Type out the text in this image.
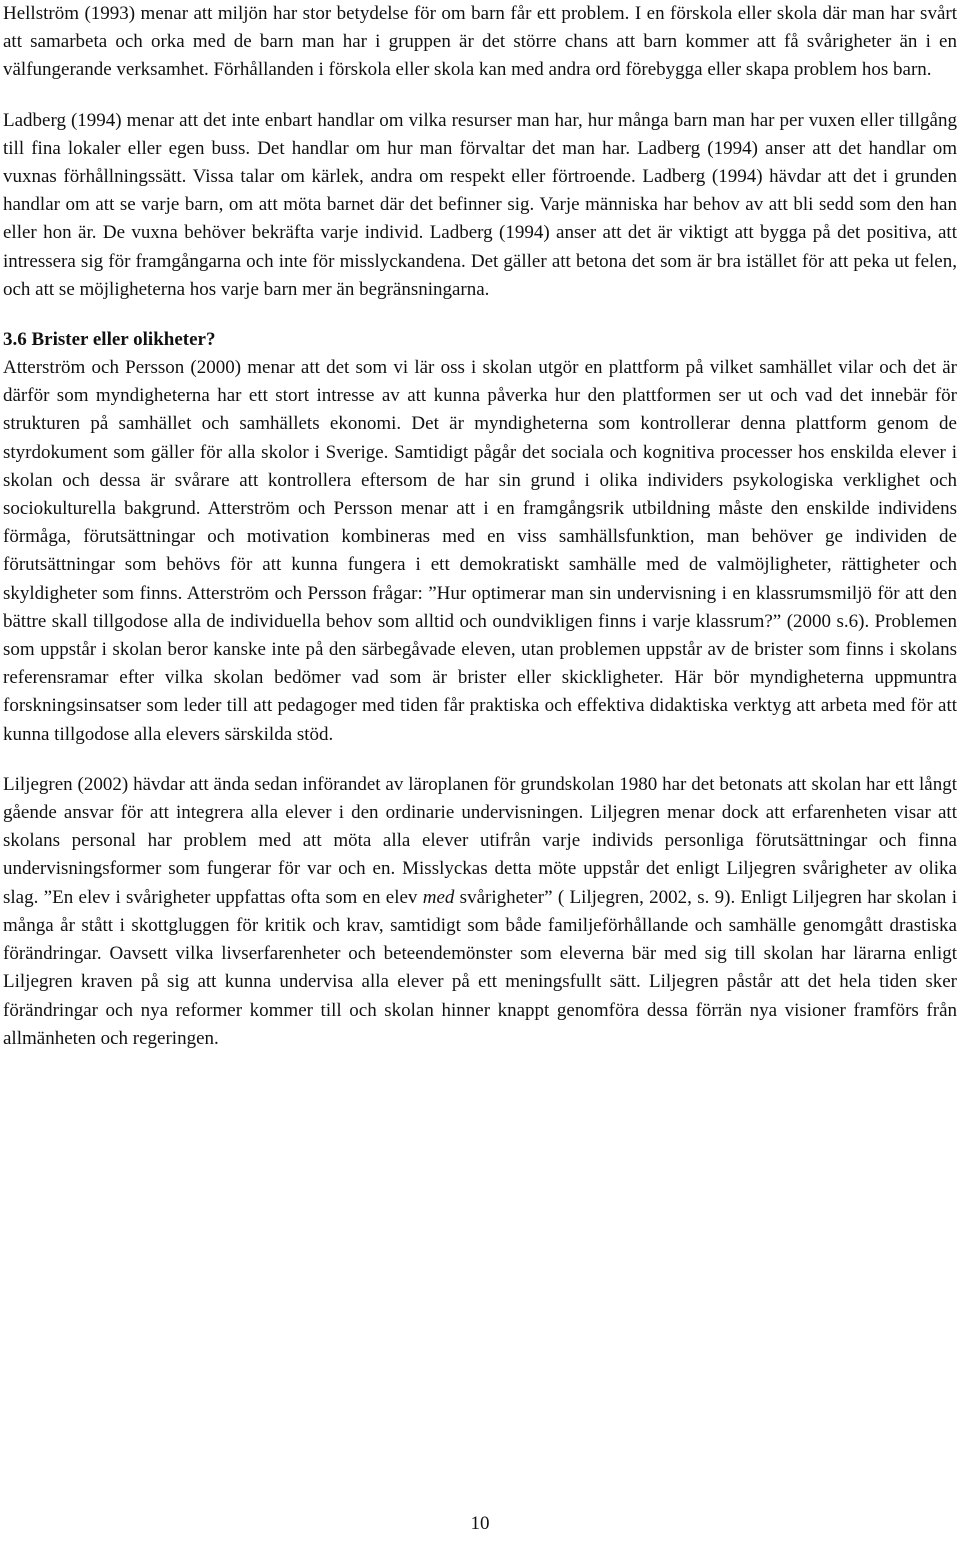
Hellström (1993) menar att miljön har stor betydelse för om barn får ett problem. I en förskola eller skola där man har svårt att samarbeta och orka med de barn man har i gruppen är det större chans att barn kommer att få svårigheter än i en välfungerande verksamhet. Förhållanden i förskola eller skola kan med andra ord förebygga eller skapa problem hos barn.

Ladberg (1994) menar att det inte enbart handlar om vilka resurser man har, hur många barn man har per vuxen eller tillgång till fina lokaler eller egen buss. Det handlar om hur man förvaltar det man har. Ladberg (1994) anser att det handlar om vuxnas förhållningssätt. Vissa talar om kärlek, andra om respekt eller förtroende. Ladberg (1994) hävdar att det i grunden handlar om att se varje barn, om att möta barnet där det befinner sig. Varje människa har behov av att bli sedd som den han eller hon är. De vuxna behöver bekräfta varje individ. Ladberg (1994) anser att det är viktigt att bygga på det positiva, att intressera sig för framgångarna och inte för misslyckandena. Det gäller att betona det som är bra istället för att peka ut felen, och att se möjligheterna hos varje barn mer än begränsningarna.

3.6 Brister eller olikheter?

Atterström och Persson (2000) menar att det som vi lär oss i skolan utgör en plattform på vilket samhället vilar och det är därför som myndigheterna har ett stort intresse av att kunna påverka hur den plattformen ser ut och vad det innebär för strukturen på samhället och samhällets ekonomi. Det är myndigheterna som kontrollerar denna plattform genom de styrdokument som gäller för alla skolor i Sverige. Samtidigt pågår det sociala och kognitiva processer hos enskilda elever i skolan och dessa är svårare att kontrollera eftersom de har sin grund i olika individers psykologiska verklighet och sociokulturella bakgrund. Atterström och Persson menar att i en framgångsrik utbildning måste den enskilde individens förmåga, förutsättningar och motivation kombineras med en viss samhällsfunktion, man behöver ge individen de förutsättningar som behövs för att kunna fungera i ett demokratiskt samhälle med de valmöjligheter, rättigheter och skyldigheter som finns. Atterström och Persson frågar: ”Hur optimerar man sin undervisning i en klassrumsmiljö för att den bättre skall tillgodose alla de individuella behov som alltid och oundvikligen finns i varje klassrum?” (2000 s.6). Problemen som uppstår i skolan beror kanske inte på den särbegåvade eleven, utan problemen uppstår av de brister som finns i skolans referensramar efter vilka skolan bedömer vad som är brister eller skickligheter. Här bör myndigheterna uppmuntra forskningsinsatser som leder till att pedagoger med tiden får praktiska och effektiva didaktiska verktyg att arbeta med för att kunna tillgodose alla elevers särskilda stöd.

Liljegren (2002) hävdar att ända sedan införandet av läroplanen för grundskolan 1980 har det betonats att skolan har ett långt gående ansvar för att integrera alla elever i den ordinarie undervisningen. Liljegren menar dock att erfarenheten visar att skolans personal har problem med att möta alla elever utifrån varje individs personliga förutsättningar och finna undervisningsformer som fungerar för var och en. Misslyckas detta möte uppstår det enligt Liljegren svårigheter av olika slag. ”En elev i svårigheter uppfattas ofta som en elev med svårigheter” ( Liljegren, 2002, s. 9). Enligt Liljegren har skolan i många år stått i skottgluggen för kritik och krav, samtidigt som både familjeförhållande och samhälle genomgått drastiska förändringar. Oavsett vilka livserfarenheter och beteendemönster som eleverna bär med sig till skolan har lärarna enligt Liljegren kraven på sig att kunna undervisa alla elever på ett meningsfullt sätt. Liljegren påstår att det hela tiden sker förändringar och nya reformer kommer till och skolan hinner knappt genomföra dessa förrän nya visioner framförs från allmänheten och regeringen.

10
